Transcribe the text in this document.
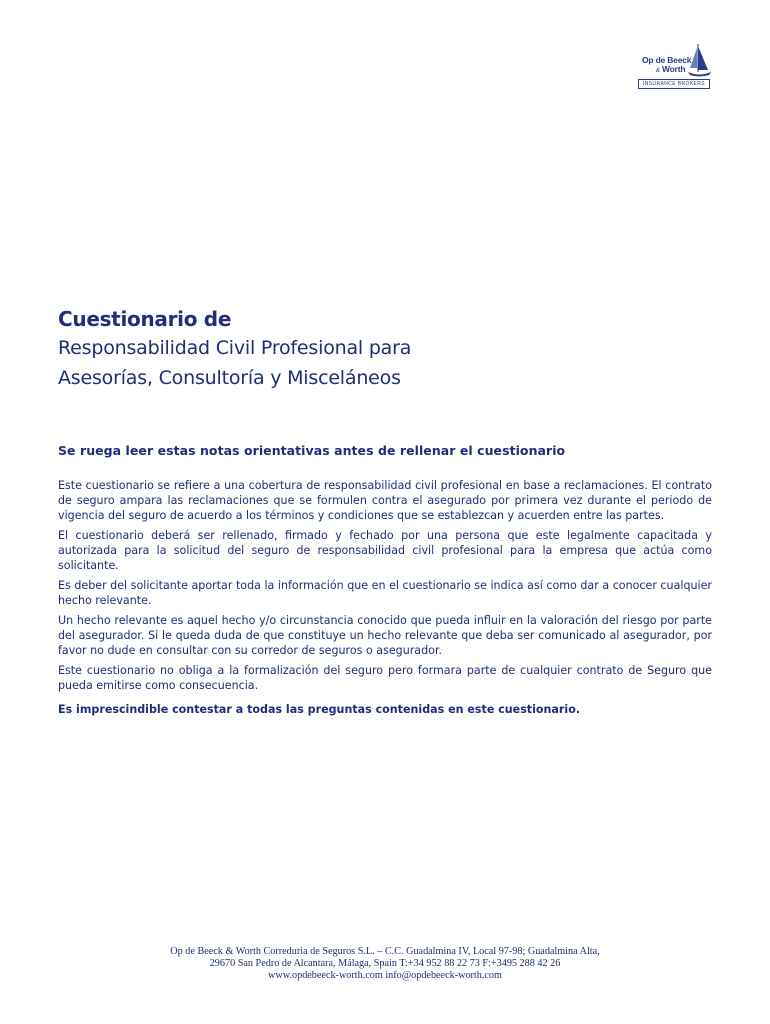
Op de Beeck
& Worth
INSURANCE BROKERS
Cuestionario de
Responsabilidad Civil Profesional para
Asesorías, Consultoría y Misceláneos
Se ruega leer estas notas orientativas antes de rellenar el cuestionario

Este cuestionario se refiere a una cobertura de responsabilidad civil profesional en base a reclamaciones. El contrato de seguro ampara las reclamaciones que se formulen contra el asegurado por primera vez durante el periodo de vigencia del seguro de acuerdo a los términos y condiciones que se establezcan y acuerden entre las partes.

El cuestionario deberá ser rellenado, firmado y fechado por una persona que este legalmente capacitada y autorizada para la solicitud del seguro de responsabilidad civil profesional para la empresa que actúa como solicitante.

Es deber del solicitante aportar toda la información que en el cuestionario se indica así como dar a conocer cualquier hecho relevante.

Un hecho relevante es aquel hecho y/o circunstancia conocido que pueda influir en la valoración del riesgo por parte del asegurador. Si le queda duda de que constituye un hecho relevante que deba ser comunicado al asegurador, por favor no dude en consultar con su corredor de seguros o asegurador.

Este cuestionario no obliga a la formalización del seguro pero formara parte de cualquier contrato de Seguro que pueda emitirse como consecuencia.

Es imprescindible contestar a todas las preguntas contenidas en este cuestionario.

Op de Beeck & Worth Correduria de Seguros S.L. – C.C. Guadalmina IV, Local 97-98; Guadalmina Alta,
29670 San Pedro de Alcantara, Málaga, Spain T:+34 952 88 22 73 F:+3495 288 42 26
www.opdebeeck-worth.com info@opdebeeck-worth.com
